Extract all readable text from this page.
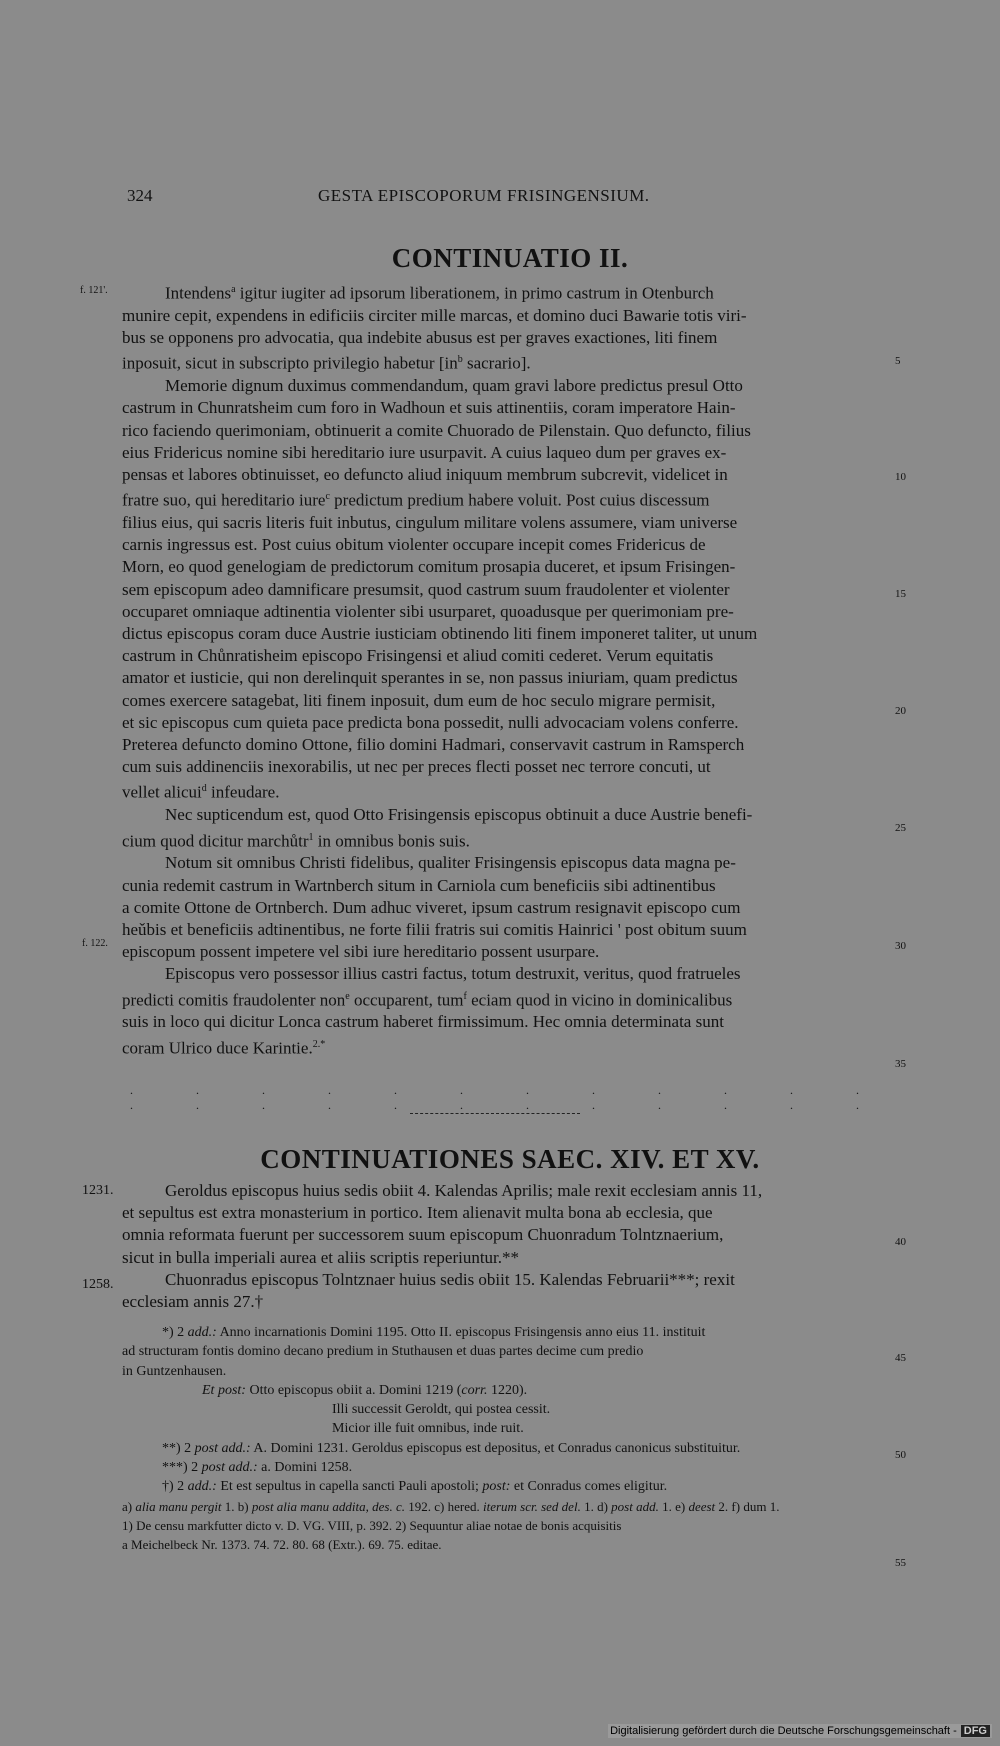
324	GESTA EPISCOPORUM FRISINGENSIUM.
CONTINUATIO II.
f. 121'.
f. 122.

Intendens$^a$ igitur iugiter ad ipsorum liberationem, in primo castrum in Otenburch

munire cepit, expendens in edificiis circiter mille marcas, et domino duci Bawarie totis viri-

bus se opponens pro advocatia, qua indebite abusus est per graves exactiones, liti finem

inposuit, sicut in subscripto privilegio habetur [$in^b$ sacrario].

Memorie dignum duximus commendandum, quam gravi labore predictus presul Otto

castrum in Chunratsheim cum foro in Wadhoun et suis attinentiis, coram imperatore Hain-

rico faciendo querimoniam, obtinuerit a comite Chuorado de Pilenstain. Quo defuncto, filius

eius Fridericus nomine sibi hereditario iure usurpavit. A cuius laqueo dum per graves ex-

pensas et labores obtinuisset, eo defuncto aliud iniquum membrum subcrevit, videlicet in

fratre suo, qui hereditario iure$^c$ predictum predium habere voluit. Post cuius discessum

filius eius, qui sacris literis fuit inbutus, cingulum militare volens assumere, viam universe

carnis ingressus est. Post cuius obitum violenter occupare incepit comes Fridericus de

Morn, eo quod genelogiam de predictorum comitum prosapia duceret, et ipsum Frisingen-

sem episcopum adeo damnificare presumsit, quod castrum suum fraudolenter et violenter

occuparet omniaque adtinentia violenter sibi usurparet, quoadusque per querimoniam pre-

dictus episcopus coram duce Austrie iusticiam obtinendo liti finem imponeret taliter, ut unum

castrum in Chůnratisheim episcopo Frisingensi et aliud comiti cederet. Verum equitatis

amator et iusticie, qui non derelinquit sperantes in se, non passus iniuriam, quam predictus

comes exercere satagebat, liti finem inposuit, dum eum de hoc seculo migrare permisit,

et sic episcopus cum quieta pace predicta bona possedit, nulli advocaciam volens conferre.

Preterea defuncto domino Ottone, filio domini Hadmari, conservavit castrum in Ramsperch

cum suis addinenciis inexorabilis, ut nec per preces flecti posset nec terrore concuti, ut

vellet alicui$^d$ infeudare.

Nec supticendum est, quod Otto Frisingensis episcopus obtinuit a duce Austrie benefi-

cium quod dicitur marchůtr$^1$ in omnibus bonis suis.

Notum sit omnibus Christi fidelibus, qualiter Frisingensis episcopus data magna pe-

cunia redemit castrum in Wartnberch situm in Carniola cum beneficiis sibi adtinentibus

a comite Ottone de Ortnberch. Dum adhuc viveret, ipsum castrum resignavit episcopo cum

heǔbis et beneficiis adtinentibus, ne forte filii fratris sui comitis Hainrici ' post obitum suum

episcopum possent impetere vel sibi iure hereditario possent usurpare.

Episcopus vero possessor illius castri factus, totum destruxit, veritus, quod fratrueles

predicti comitis fraudolenter non$^e$ occuparent, tum$^f$ eciam quod in vicino in dominicalibus

suis in loco qui dicitur Lonca castrum haberet firmissimum. Hec omnia determinata sunt

coram Ulrico duce Karintie.$^{2.*}$

5
10
15
20
25
30
35
. . . . . . . . . . . . . . . . . . . . . . . .
CONTINUATIONES SAEC. XIV. ET XV.
1231.
1258.

Geroldus episcopus huius sedis obiit 4. Kalendas Aprilis; male rexit ecclesiam annis 11,

et sepultus est extra monasterium in portico. Item alienavit multa bona ab ecclesia, que

omnia reformata fuerunt per successorem suum episcopum Chuonradum Tolntznaerium,

sicut in bulla imperiali aurea et aliis scriptis reperiuntur.**

Chuonradus episcopus Tolntznaer huius sedis obiit 15. Kalendas Februarii***; rexit

ecclesiam annis 27.†

40

*) 2 add.: Anno incarnationis Domini 1195. Otto II. episcopus Frisingensis anno eius 11. instituit

ad structuram fontis domino decano predium in Stuthausen et duas partes decime cum predio

in Guntzenhausen.

Et post: Otto episcopus obiit a. Domini 1219 (corr. 1220).

Illi successit Geroldt, qui postea cessit.

Micior ille fuit omnibus, inde ruit.

**) 2 post add.: A. Domini 1231. Geroldus episcopus est depositus, et Conradus canonicus substituitur.

***) 2 post add.: a. Domini 1258.

†) 2 add.: Et est sepultus in capella sancti Pauli apostoli; post: et Conradus comes eligitur.

a) alia manu pergit 1. b) post alia manu addita, des. c. 192. c) hered. iterum scr. sed del. 1. d) post add. 1. e) deest 2. f) dum 1.

1) De censu markfutter dicto v. D. VG. VIII, p. 392. 2) Sequuntur aliae notae de bonis acquisitis

a Meichelbeck Nr. 1373. 74. 72. 80. 68 (Extr.). 69. 75. editae.

45
50
55
Digitalisierung gefördert durch die Deutsche Forschungsgemeinschaft - DFG
